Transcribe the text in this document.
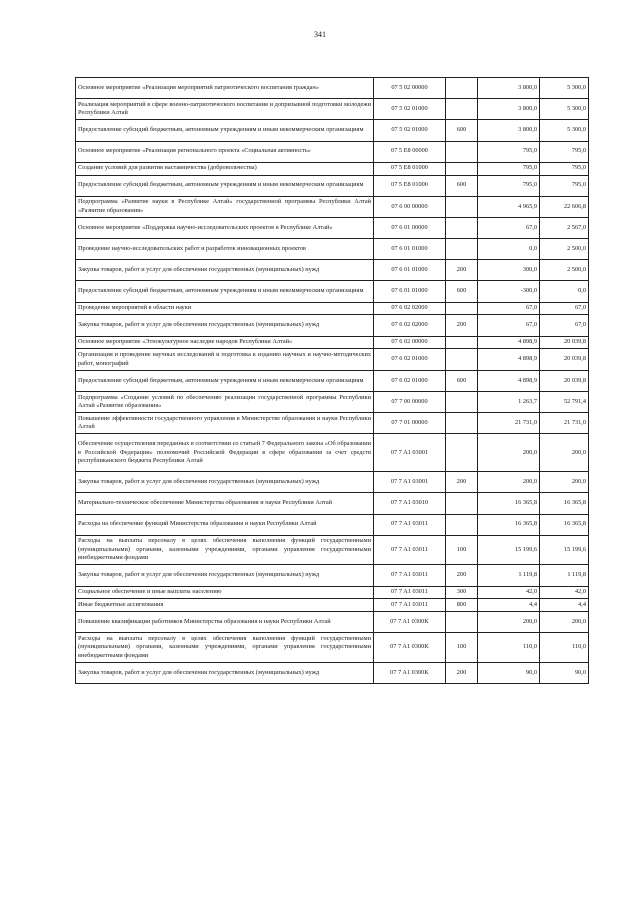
341
Основное мероприятие «Реализация мероприятий патриотического воспитания граждан»	07 5 02 00000		3 800,0	5 300,0
Реализация мероприятий в сфере военно-патриотического воспитания и допризывной подготовки молодежи Республики Алтай	07 5 02 01000		3 800,0	5 300,0
Предоставление субсидий бюджетным, автономным учреждениям и иным некоммерческим организациям	07 5 02 01000	600	3 800,0	5 300,0
Основное мероприятие «Реализация регионального проекта «Социальная активность»	07 5 E8 00000		795,0	795,0
Создание условий для развития наставничества (добровольчества)	07 5 E8 01000		795,0	795,0
Предоставление субсидий бюджетным, автономным учреждениям и иным некоммерческим организациям	07 5 E8 01000	600	795,0	795,0
Подпрограмма «Развитие науки в Республике Алтай» государственной программы Республики Алтай «Развитие образования»	07 6 00 00000		4 965,9	22 606,8
Основное мероприятие «Поддержка научно-исследовательских проектов в Республике Алтай»	07 6 01 00000		67,0	2 567,0
Проведение научно-исследовательских работ и разработок инновационных проектов	07 6 01 01000		0,0	2 500,0
Закупка товаров, работ и услуг для обеспечения государственных (муниципальных) нужд	07 6 01 01000	200	300,0	2 500,0
Предоставление субсидий бюджетным, автономным учреждениям и иным некоммерческим организациям	07 6 01 01000	600	-300,0	0,0
Проведение мероприятий в области науки	07 6 02 02000		67,0	67,0
Закупка товаров, работ и услуг для обеспечения государственных (муниципальных) нужд	07 6 02 02000	200	67,0	67,0
Основное мероприятие «Этнокультурное наследие народов Республики Алтай»	07 6 02 00000		4 898,9	20 039,8
Организация и проведение научных исследований и подготовка к изданию научных и научно-методических работ, монографий	07 6 02 01000		4 898,9	20 039,8
Предоставление субсидий бюджетным, автономным учреждениям и иным некоммерческим организациям	07 6 02 01000	600	4 898,9	20 039,8
Подпрограмма «Создание условий по обеспечению реализации государственной программы Республики Алтай «Развитие образования»	07 7 00 00000		1 263,7	52 791,4
Повышение эффективности государственного управления в Министерстве образования и науки Республики Алтай	07 7 01 00000		21 731,0	21 731,0
Обеспечение осуществления переданных в соответствии со статьей 7 Федерального закона «Об образовании в Российской Федерации» полномочий Российской Федерации в сфере образования за счет средств республиканского бюджета Республики Алтай	07 7 A1 03001		200,0	200,0
Закупка товаров, работ и услуг для обеспечения государственных (муниципальных) нужд	07 7 A1 03001	200	200,0	200,0
Материально-техническое обеспечение Министерства образования и науки Республики Алтай	07 7 A1 03010		16 365,8	16 365,8
Расходы на обеспечение функций Министерства образования и науки Республики Алтай	07 7 A1 03011		16 365,8	16 365,8
Расходы на выплаты персоналу в целях обеспечения выполнения функций государственными (муниципальными) органами, казенными учреждениями, органами управления государственными внебюджетными фондами	07 7 A1 03011	100	15 199,6	15 199,6
Закупка товаров, работ и услуг для обеспечения государственных (муниципальных) нужд	07 7 A1 03011	200	1 119,8	1 119,8
Социальное обеспечение и иные выплаты населению	07 7 A1 03011	300	42,0	42,0
Иные бюджетные ассигнования	07 7 A1 03011	800	4,4	4,4
Повышение квалификации работников Министерства образования и науки Республики Алтай	07 7 A1 0300K		200,0	200,0
Расходы на выплаты персоналу в целях обеспечения выполнения функций государственными (муниципальными) органами, казенными учреждениями, органами управления государственными внебюджетными фондами	07 7 A1 0300K	100	110,0	110,0
Закупка товаров, работ и услуг для обеспечения государственных (муниципальных) нужд	07 7 A1 0300K	200	90,0	90,0
